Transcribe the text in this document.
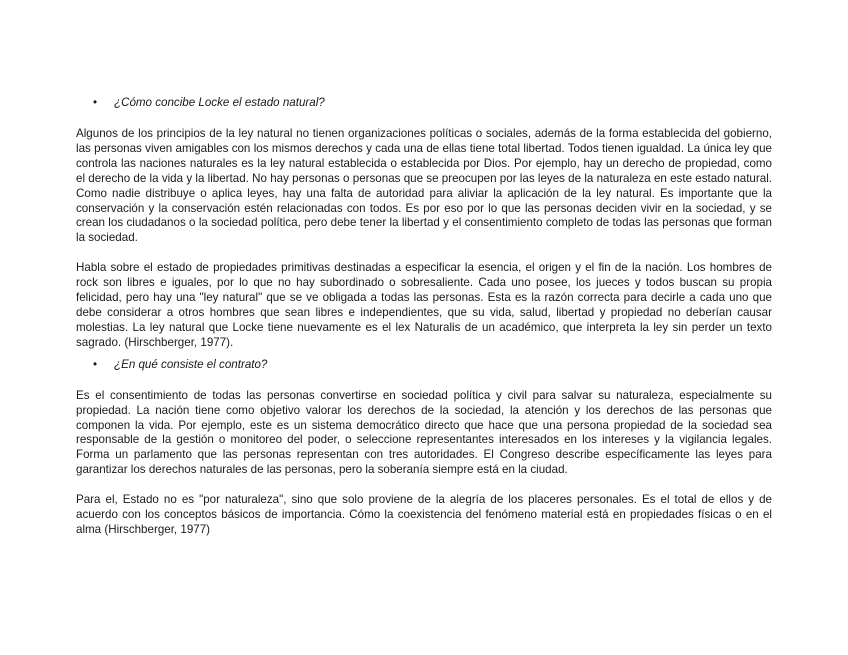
• ¿Cómo concibe Locke el estado natural?

Algunos de los principios de la ley natural no tienen organizaciones políticas o sociales, además de la forma establecida del gobierno, las personas viven amigables con los mismos derechos y cada una de ellas tiene total libertad. Todos tienen igualdad. La única ley que controla las naciones naturales es la ley natural establecida o establecida por Dios. Por ejemplo, hay un derecho de propiedad, como el derecho de la vida y la libertad. No hay personas o personas que se preocupen por las leyes de la naturaleza en este estado natural. Como nadie distribuye o aplica leyes, hay una falta de autoridad para aliviar la aplicación de la ley natural. Es importante que la conservación y la conservación estén relacionadas con todos. Es por eso por lo que las personas deciden vivir en la sociedad, y se crean los ciudadanos o la sociedad política, pero debe tener la libertad y el consentimiento completo de todas las personas que forman la sociedad.

Habla sobre el estado de propiedades primitivas destinadas a especificar la esencia, el origen y el fin de la nación. Los hombres de rock son libres e iguales, por lo que no hay subordinado o sobresaliente. Cada uno posee, los jueces y todos buscan su propia felicidad, pero hay una "ley natural" que se ve obligada a todas las personas. Esta es la razón correcta para decirle a cada uno que debe considerar a otros hombres que sean libres e independientes, que su vida, salud, libertad y propiedad no deberían causar molestias. La ley natural que Locke tiene nuevamente es el lex Naturalis de un académico, que interpreta la ley sin perder un texto sagrado. (Hirschberger, 1977).

• ¿En qué consiste el contrato?

Es el consentimiento de todas las personas convertirse en sociedad política y civil para salvar su naturaleza, especialmente su propiedad. La nación tiene como objetivo valorar los derechos de la sociedad, la atención y los derechos de las personas que componen la vida. Por ejemplo, este es un sistema democrático directo que hace que una persona propiedad de la sociedad sea responsable de la gestión o monitoreo del poder, o seleccione representantes interesados en los intereses y la vigilancia legales. Forma un parlamento que las personas representan con tres autoridades. El Congreso describe específicamente las leyes para garantizar los derechos naturales de las personas, pero la soberanía siempre está en la ciudad.

Para el, Estado no es "por naturaleza", sino que solo proviene de la alegría de los placeres personales. Es el total de ellos y de acuerdo con los conceptos básicos de importancia. Cómo la coexistencia del fenómeno material está en propiedades físicas o en el alma (Hirschberger, 1977)
